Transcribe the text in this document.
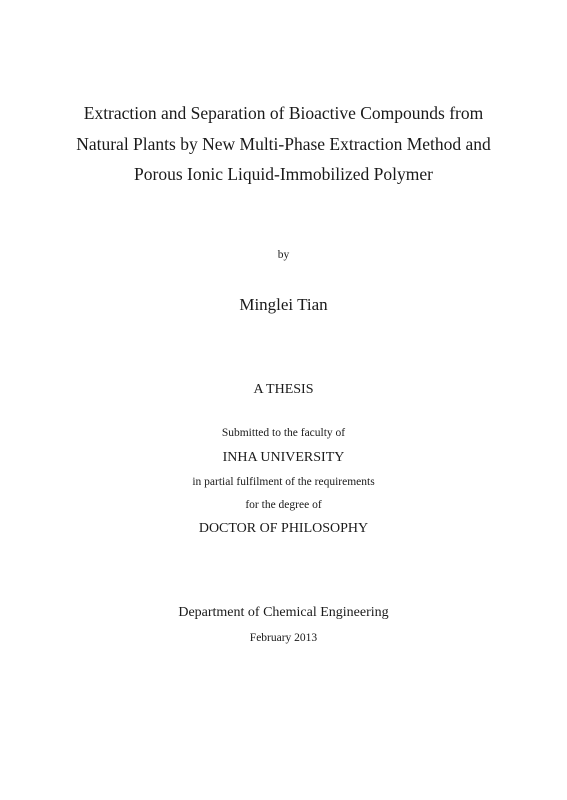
Extraction and Separation of Bioactive Compounds from
Natural Plants by New Multi-Phase Extraction Method and
Porous Ionic Liquid-Immobilized Polymer
by
Minglei Tian
A THESIS
Submitted to the faculty of
INHA UNIVERSITY
in partial fulfilment of the requirements
for the degree of
DOCTOR OF PHILOSOPHY
Department of Chemical Engineering
February 2013
